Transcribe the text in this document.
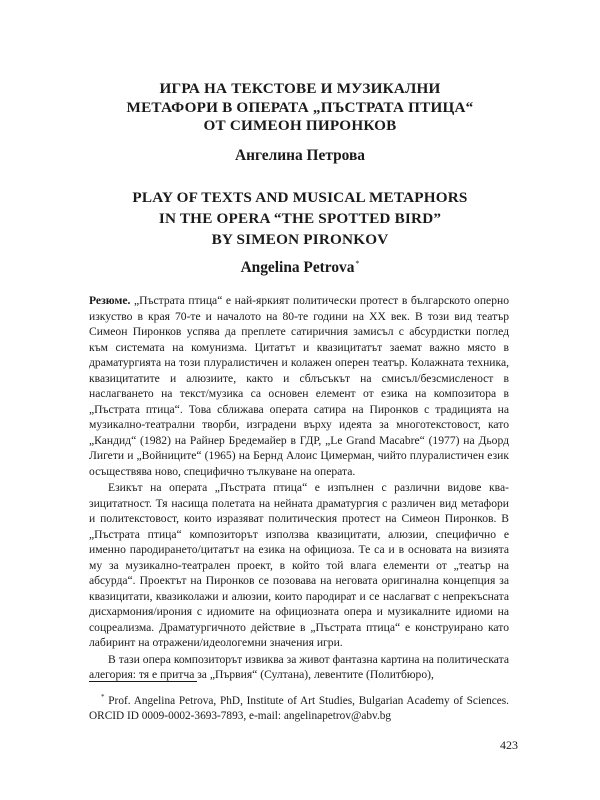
ИГРА НА ТЕКСТОВЕ И МУЗИКАЛНИ
МЕТАФОРИ В ОПЕРАТА „ПЪСТРАТА ПТИЦА“
ОТ СИМЕОН ПИРОНКОВ
Ангелина Петрова
PLAY OF TEXTS AND MUSICAL METAPHORS
IN THE OPERA “THE SPOTTED BIRD”
BY SIMEON PIRONKOV
Angelina Petrova*

Резюме. „Пъстрата птица“ е най-яркият политически протест в българското оперно изкуство в края 70-те и началото на 80-те години на XX век. В този вид театър Симеон Пиронков успява да преплете сатиричния замисъл с абсурдистки поглед към системата на комунизма. Цитатът и квазицитатът заемат важно място в драматургията на този плуралистичен и колажен оперен театър. Колажната техника, квазицитатите и алюзиите, както и сблъсъкът на смисъл/безсмисленост в наслагването на текст/музика са основен елемент от езика на композитора в „Пъстрата птица“. Това сближава операта сатира на Пиронков с традицията на музикално-театрални творби, изградени върху идеята за многотекстовост, като „Кандид“ (1982) на Райнер Бредемайер в ГДР, „Le Grand Macabre“ (1977) на Дьорд Лигети и „Войниците“ (1965) на Бернд Алоис Цимерман, чийто плуралистичен език осъществява ново, специфично тълкуване на операта.

Езикът на операта „Пъстрата птица“ е изпълнен с различни видове квазицитатност. Тя насища полетата на нейната драматургия с различен вид метафори и политекстовост, които изразяват политическия протест на Симеон Пиронков. В „Пъстрата птица“ композиторът използва квазицитати, алюзии, специфично е именно пародирането/цитатът на езика на официоза. Те са и в основата на визията му за музикално-театрален проект, в който той влага елементи от „театър на абсурда“. Проектът на Пиронков се позовава на неговата оригинална концепция за квазицитати, квазиколажи и алюзии, които пародират и се наслагват с непрекъсната дисхармония/ирония с идиомите на официозната опера и музикалните идиоми на соцреализма. Драматургичното действие в „Пъстрата птица“ е конструирано като лабиринт на отражени/идеологемни значения игри.

В тази опера композиторът извиква за живот фантазна картина на политическата алегория: тя е притча за „Първия“ (Султана), левентите (Политбюро),

* Prof. Angelina Petrova, PhD, Institute of Art Studies, Bulgarian Academy of Sciences. ORCID ID 0009-0002-3693-7893, e-mail: angelinapetrov@abv.bg
423
